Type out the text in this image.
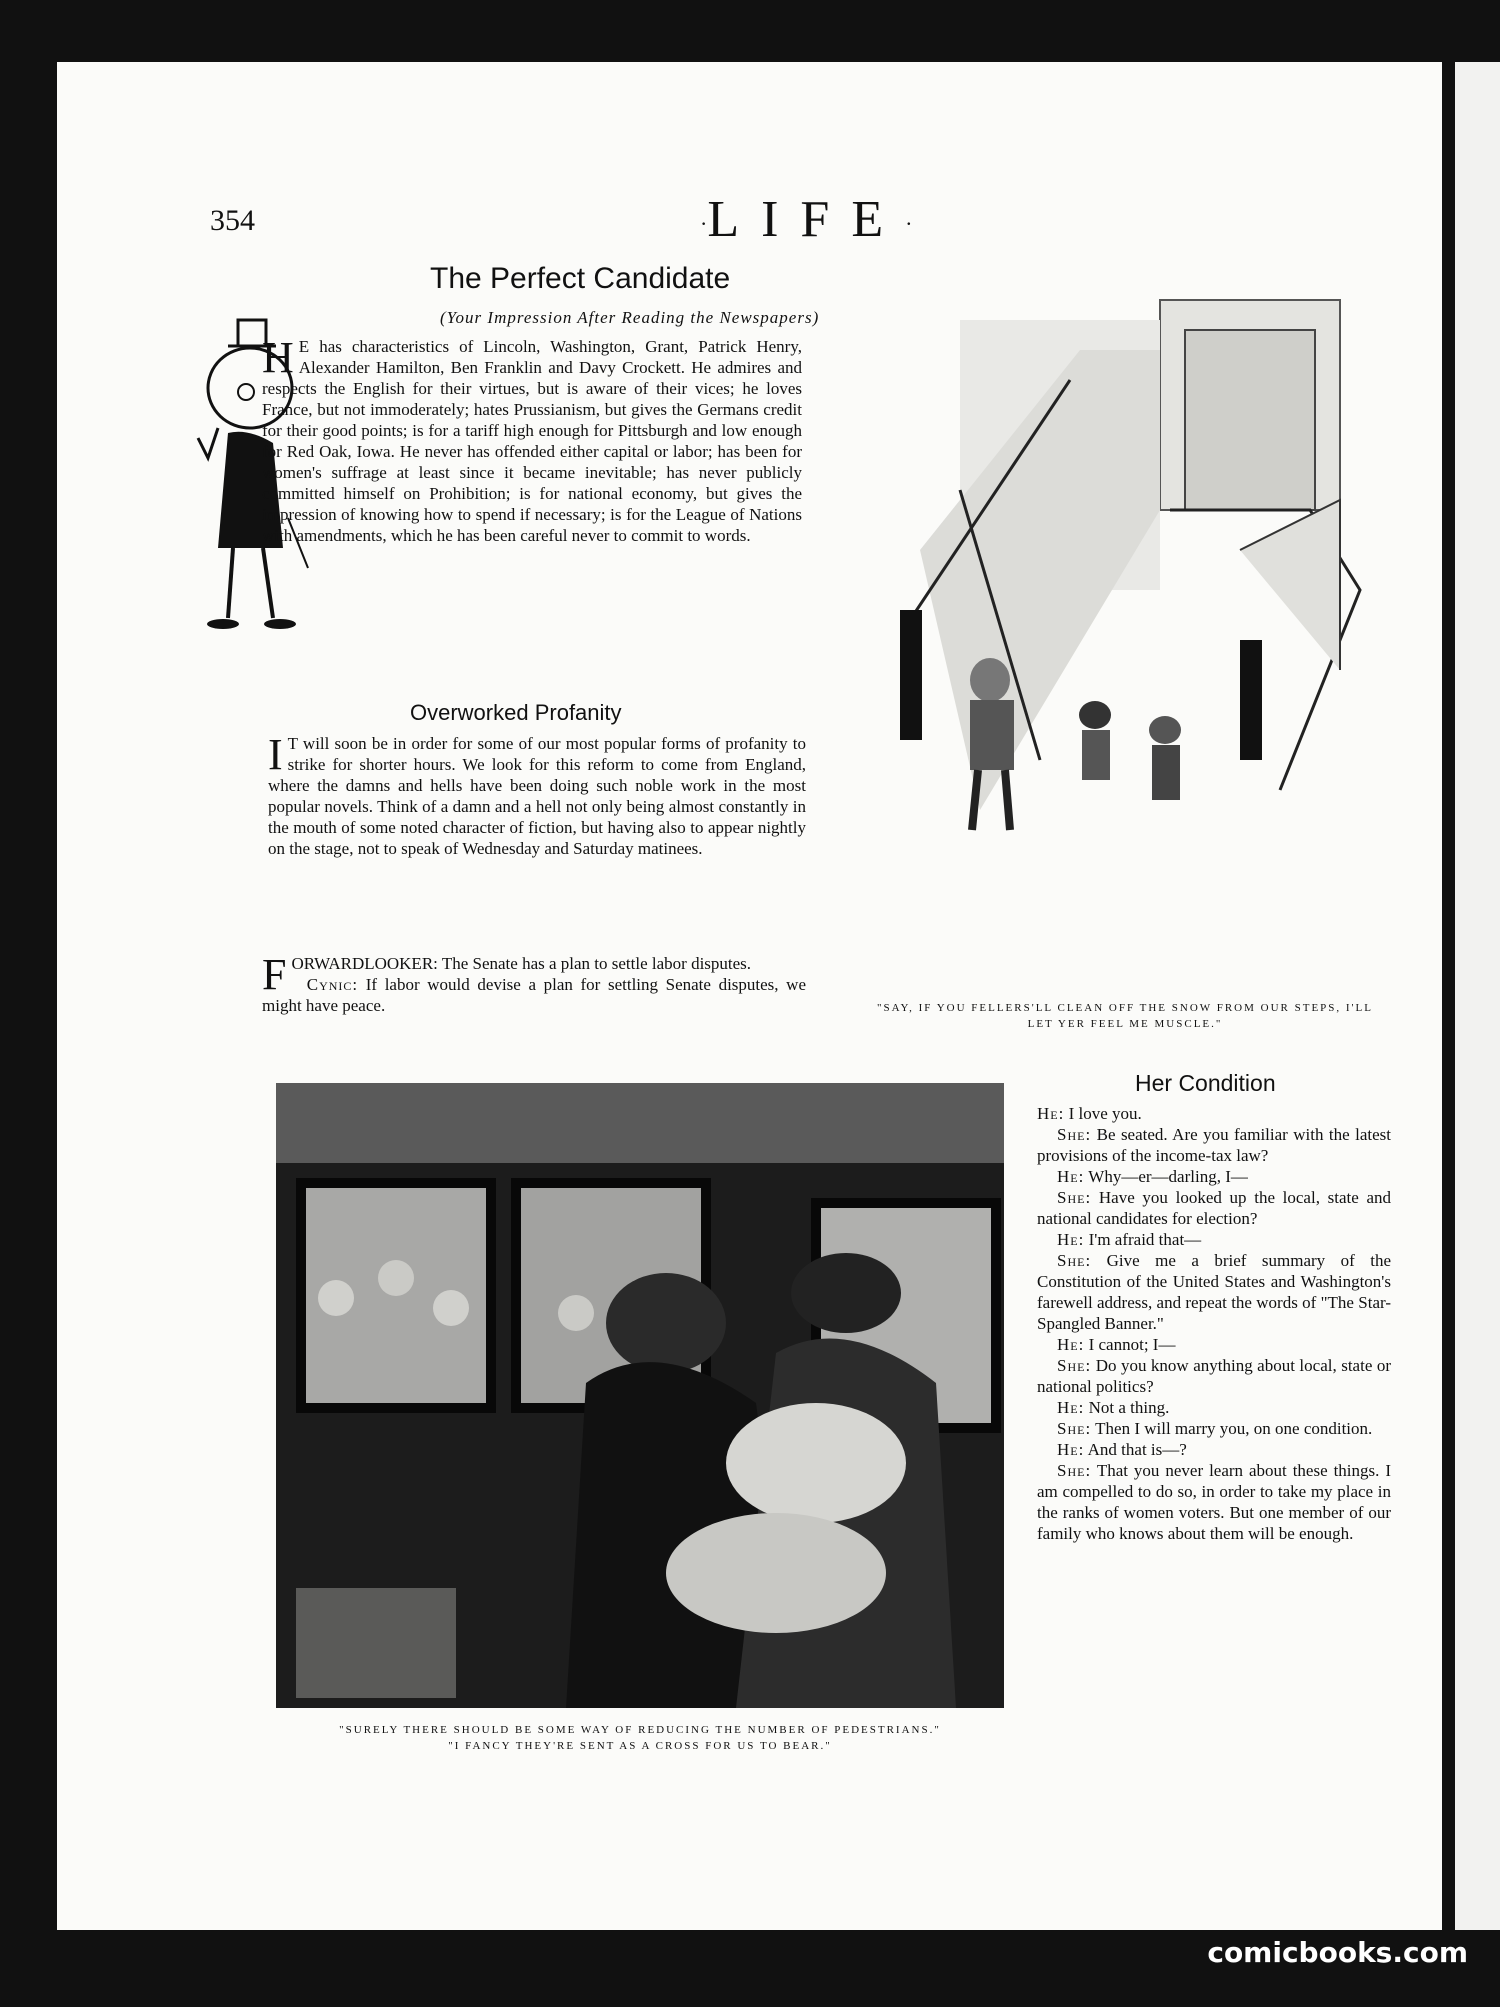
354	·LIFE·
The Perfect Candidate
(Your Impression After Reading the Newspapers)
H E has characteristics of Lincoln, Washington, Grant, Patrick Henry, Alexander Hamilton, Ben Franklin and Davy Crockett. He admires and respects the English for their virtues, but is aware of their vices; he loves France, but not immoderately; hates Prussianism, but gives the Germans credit for their good points; is for a tariff high enough for Pittsburgh and low enough for Red Oak, Iowa. He never has offended either capital or labor; has been for women's suffrage at least since it became inevitable; has never publicly committed himself on Prohibition; is for national economy, but gives the impression of knowing how to spend if necessary; is for the League of Nations with amendments, which he has been careful never to commit to words.
Overworked Profanity
I T will soon be in order for some of our most popular forms of profanity to strike for shorter hours. We look for this reform to come from England, where the damns and hells have been doing such noble work in the most popular novels. Think of a damn and a hell not only being almost constantly in the mouth of some noted character of fiction, but having also to appear nightly on the stage, not to speak of Wednesday and Saturday matinees.
FORWARDLOOKER: The Senate has a plan to settle labor disputes.
Cynic: If labor would devise a plan for settling Senate disputes, we might have peace.	"SAY, IF YOU FELLERS'LL CLEAN OFF THE SNOW FROM OUR STEPS, I'LL LET YER FEEL ME MUSCLE."
"SURELY THERE SHOULD BE SOME WAY OF REDUCING THE NUMBER OF PEDESTRIANS."
"I FANCY THEY'RE SENT AS A CROSS FOR US TO BEAR."
Her Condition

He: I love you.

She: Be seated. Are you familiar with the latest provisions of the income-tax law?

He: Why—er—darling, I—

She: Have you looked up the local, state and national candidates for election?

He: I'm afraid that—

She: Give me a brief summary of the Constitution of the United States and Washington's farewell address, and repeat the words of "The Star-Spangled Banner."

He: I cannot; I—

She: Do you know anything about local, state or national politics?

He: Not a thing.

She: Then I will marry you, on one condition.

He: And that is—?

She: That you never learn about these things. I am compelled to do so, in order to take my place in the ranks of women voters. But one member of our family who knows about them will be enough.

comicbooks.com
